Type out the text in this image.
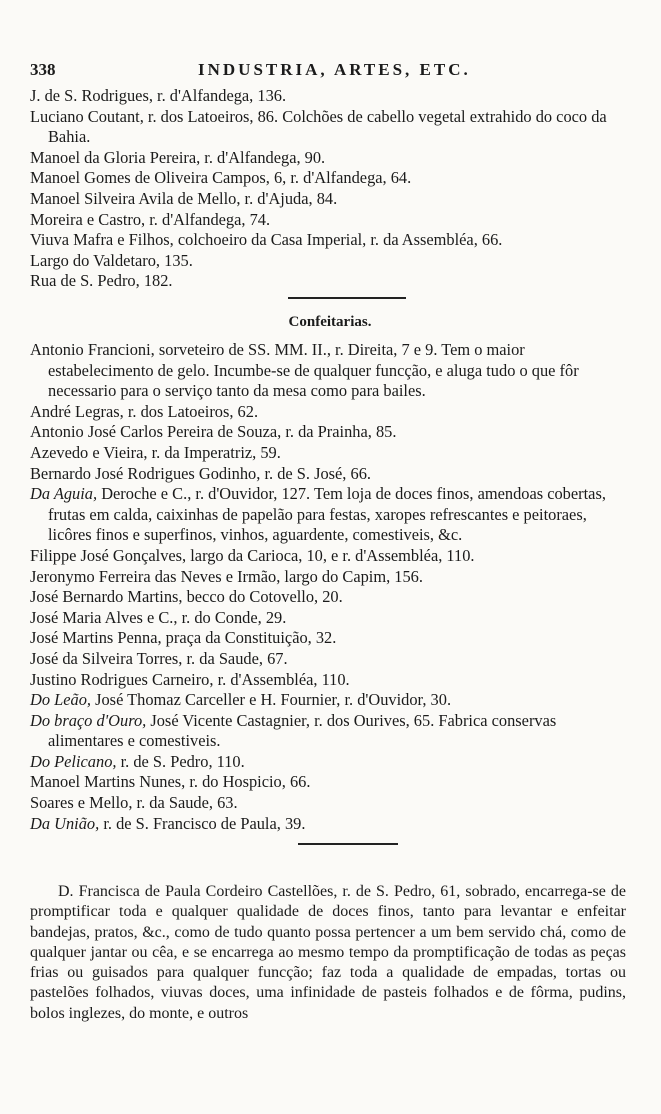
338	INDUSTRIA, ARTES, ETC.

J. de S. Rodrigues, r. d'Alfandega, 136.

Luciano Coutant, r. dos Latoeiros, 86. Colchões de cabello vegetal extrahido do coco da Bahia.

Manoel da Gloria Pereira, r. d'Alfandega, 90.

Manoel Gomes de Oliveira Campos, 6, r. d'Alfandega, 64.

Manoel Silveira Avila de Mello, r. d'Ajuda, 84.

Moreira e Castro, r. d'Alfandega, 74.

Viuva Mafra e Filhos, colchoeiro da Casa Imperial, r. da Assembléa, 66.

Largo do Valdetaro, 135.

Rua de S. Pedro, 182.

Confeitarias.

Antonio Francioni, sorveteiro de SS. MM. II., r. Direita, 7 e 9. Tem o maior estabelecimento de gelo. Incumbe-se de qualquer funcção, e aluga tudo o que fôr necessario para o serviço tanto da mesa como para bailes.

André Legras, r. dos Latoeiros, 62.

Antonio José Carlos Pereira de Souza, r. da Prainha, 85.

Azevedo e Vieira, r. da Imperatriz, 59.

Bernardo José Rodrigues Godinho, r. de S. José, 66.

Da Aguia, Deroche e C., r. d'Ouvidor, 127. Tem loja de doces finos, amendoas cobertas, frutas em calda, caixinhas de papelão para festas, xaropes refrescantes e peitoraes, licôres finos e superfinos, vinhos, aguardente, comestiveis, &c.

Filippe José Gonçalves, largo da Carioca, 10, e r. d'Assembléa, 110.

Jeronymo Ferreira das Neves e Irmão, largo do Capim, 156.

José Bernardo Martins, becco do Cotovello, 20.

José Maria Alves e C., r. do Conde, 29.

José Martins Penna, praça da Constituição, 32.

José da Silveira Torres, r. da Saude, 67.

Justino Rodrigues Carneiro, r. d'Assembléa, 110.

Do Leão, José Thomaz Carceller e H. Fournier, r. d'Ouvidor, 30.

Do braço d'Ouro, José Vicente Castagnier, r. dos Ourives, 65. Fabrica conservas alimentares e comestiveis.

Do Pelicano, r. de S. Pedro, 110.

Manoel Martins Nunes, r. do Hospicio, 66.

Soares e Mello, r. da Saude, 63.

Da União, r. de S. Francisco de Paula, 39.

D. Francisca de Paula Cordeiro Castellões, r. de S. Pedro, 61, sobrado, encarrega-se de promptificar toda e qualquer qualidade de doces finos, tanto para levantar e enfeitar bandejas, pratos, &c., como de tudo quanto possa pertencer a um bem servido chá, como de qualquer jantar ou cêa, e se encarrega ao mesmo tempo da promptificação de todas as peças frias ou guisados para qualquer funcção; faz toda a qualidade de empadas, tortas ou pastelões folhados, viuvas doces, uma infinidade de pasteis folhados e de fôrma, pudins, bolos inglezes, do monte, e outros
